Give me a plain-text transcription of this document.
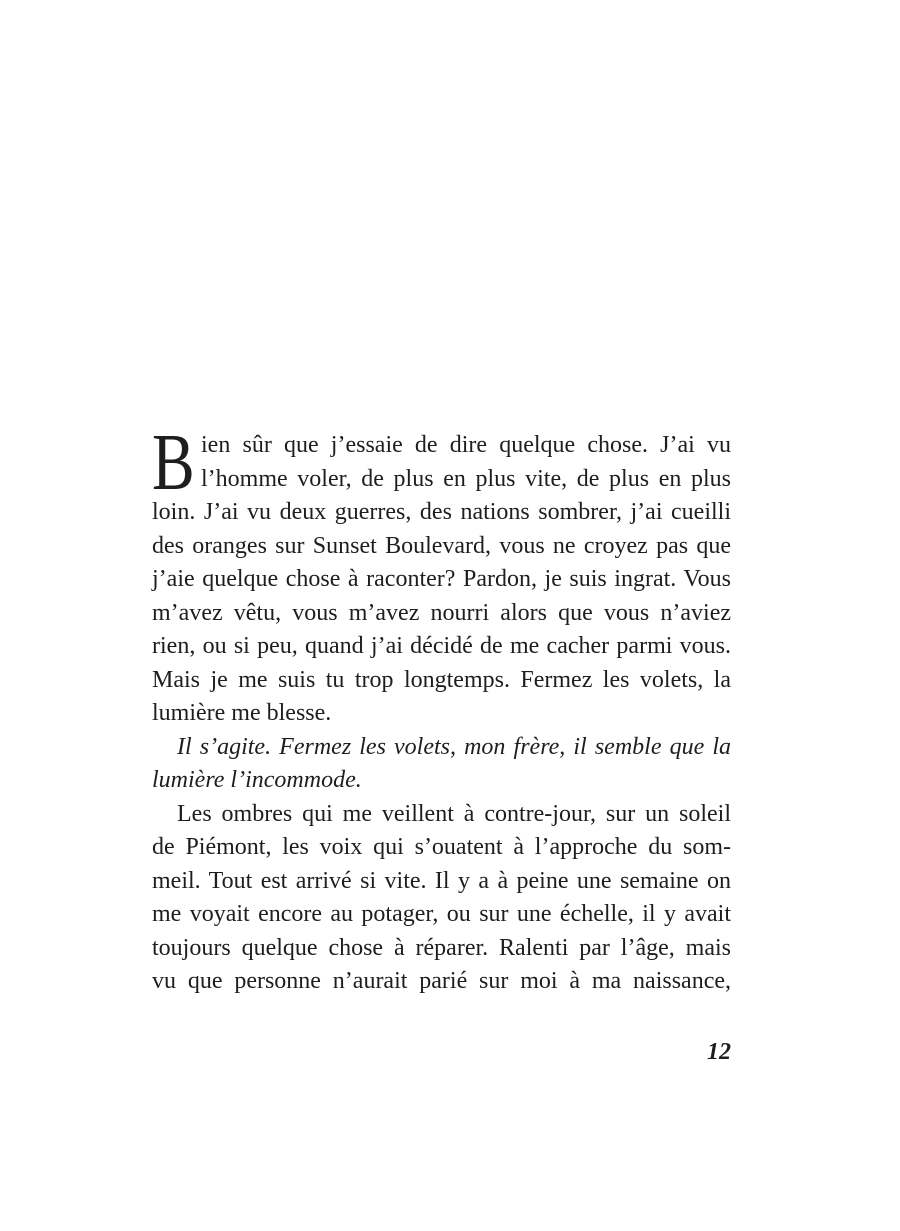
B ien sûr que j’essaie de dire quelque chose. J’ai vu
l’homme voler, de plus en plus vite, de plus en plus
loin. J’ai vu deux guerres, des nations sombrer, j’ai cueilli
des oranges sur Sunset Boulevard, vous ne croyez pas que
j’aie quelque chose à raconter? Pardon, je suis ingrat. Vous
m’avez vêtu, vous m’avez nourri alors que vous n’aviez
rien, ou si peu, quand j’ai décidé de me cacher parmi vous.
Mais je me suis tu trop longtemps. Fermez les volets, la
lumière me blesse.
Il s’agite. Fermez les volets, mon frère, il semble que la
lumière l’incommode.
Les ombres qui me veillent à contre-jour, sur un soleil
de Piémont, les voix qui s’ouatent à l’approche du som-
meil. Tout est arrivé si vite. Il y a à peine une semaine on
me voyait encore au potager, ou sur une échelle, il y avait
toujours quelque chose à réparer. Ralenti par l’âge, mais
vu que personne n’aurait parié sur moi à ma naissance,
12
